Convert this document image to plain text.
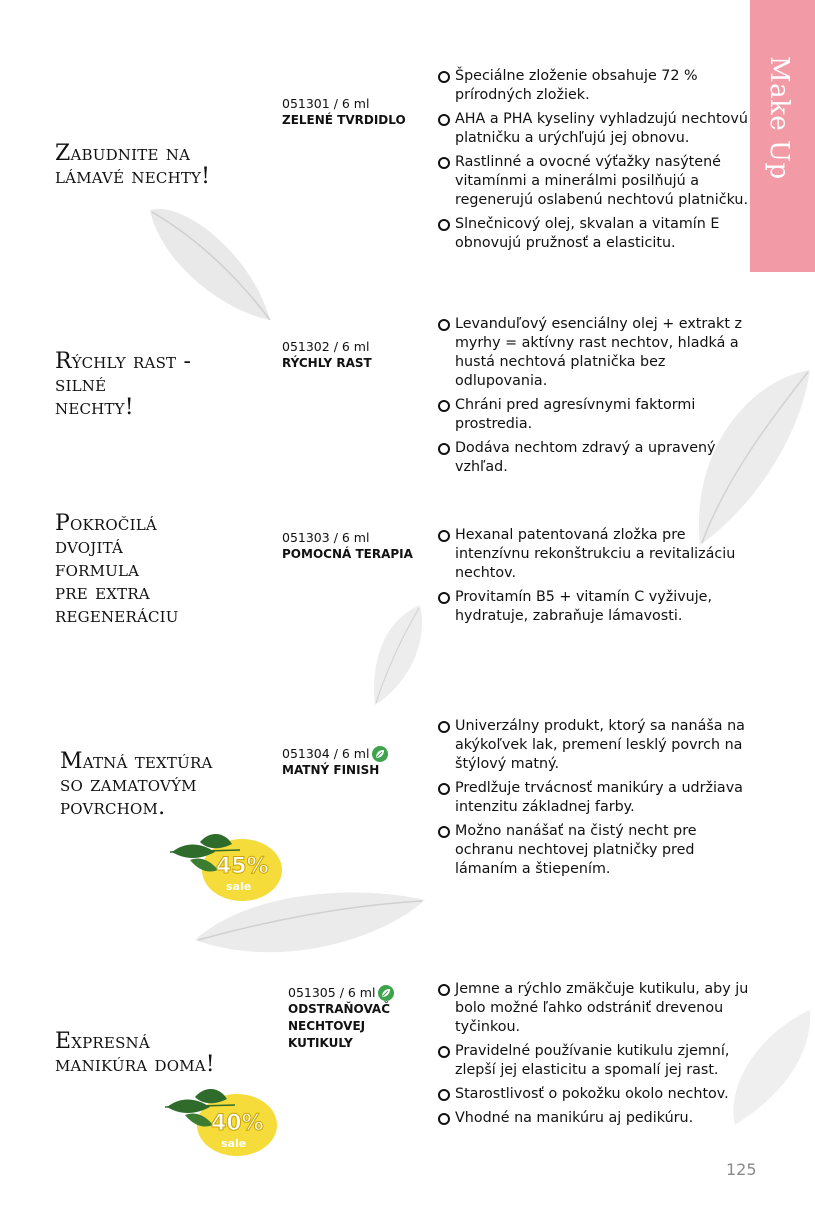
Make Up
Zabudnite na
lámavé nechty!
051301 / 6 ml
ZELENÉ TVRDIDLO
Špeciálne zloženie obsahuje 72 % prírodných zložiek.
AHA a PHA kyseliny vyhladzujú nechtovú platničku a urýchľujú jej obnovu.
Rastlinné a ovocné výťažky nasýtené vitamínmi a minerálmi posilňujú a regenerujú oslabenú nechtovú platničku.
Slnečnicový olej, skvalan a vitamín E obnovujú pružnosť a elasticitu.
Rýchly rast -
silné
nechty!
051302 / 6 ml
RÝCHLY RAST
Levanduľový esenciálny olej + extrakt z myrhy = aktívny rast nechtov, hladká a hustá nechtová platnička bez odlupovania.
Chráni pred agresívnymi faktormi prostredia.
Dodáva nechtom zdravý a upravený vzhľad.
Pokročilá
dvojitá
formula
pre extra
regeneráciu
051303 / 6 ml
POMOCNÁ TERAPIA
Hexanal patentovaná zložka pre intenzívnu rekonštrukciu a revitalizáciu nechtov.
Provitamín B5 + vitamín C vyživuje, hydratuje, zabraňuje lámavosti.
Matná textúra
so zamatovým
povrchom.
051304 / 6 ml
MATNÝ FINISH
Univerzálny produkt, ktorý sa nanáša na akýkoľvek lak, premení lesklý povrch na štýlový matný.
Predlžuje trvácnosť manikúry a udržiava intenzitu základnej farby.
Možno nanášať na čistý necht pre ochranu nechtovej platničky pred lámaním a štiepením.
45%
sale
Expresná
manikúra doma!
051305 / 6 ml
ODSTRAŇOVAČ
NECHTOVEJ
KUTIKULY
Jemne a rýchlo zmäkčuje kutikulu, aby ju bolo možné ľahko odstrániť drevenou tyčinkou.
Pravidelné používanie kutikulu zjemní, zlepší jej elasticitu a spomalí jej rast.
Starostlivosť o pokožku okolo nechtov.
Vhodné na manikúru aj pedikúru.
40%
sale
125
